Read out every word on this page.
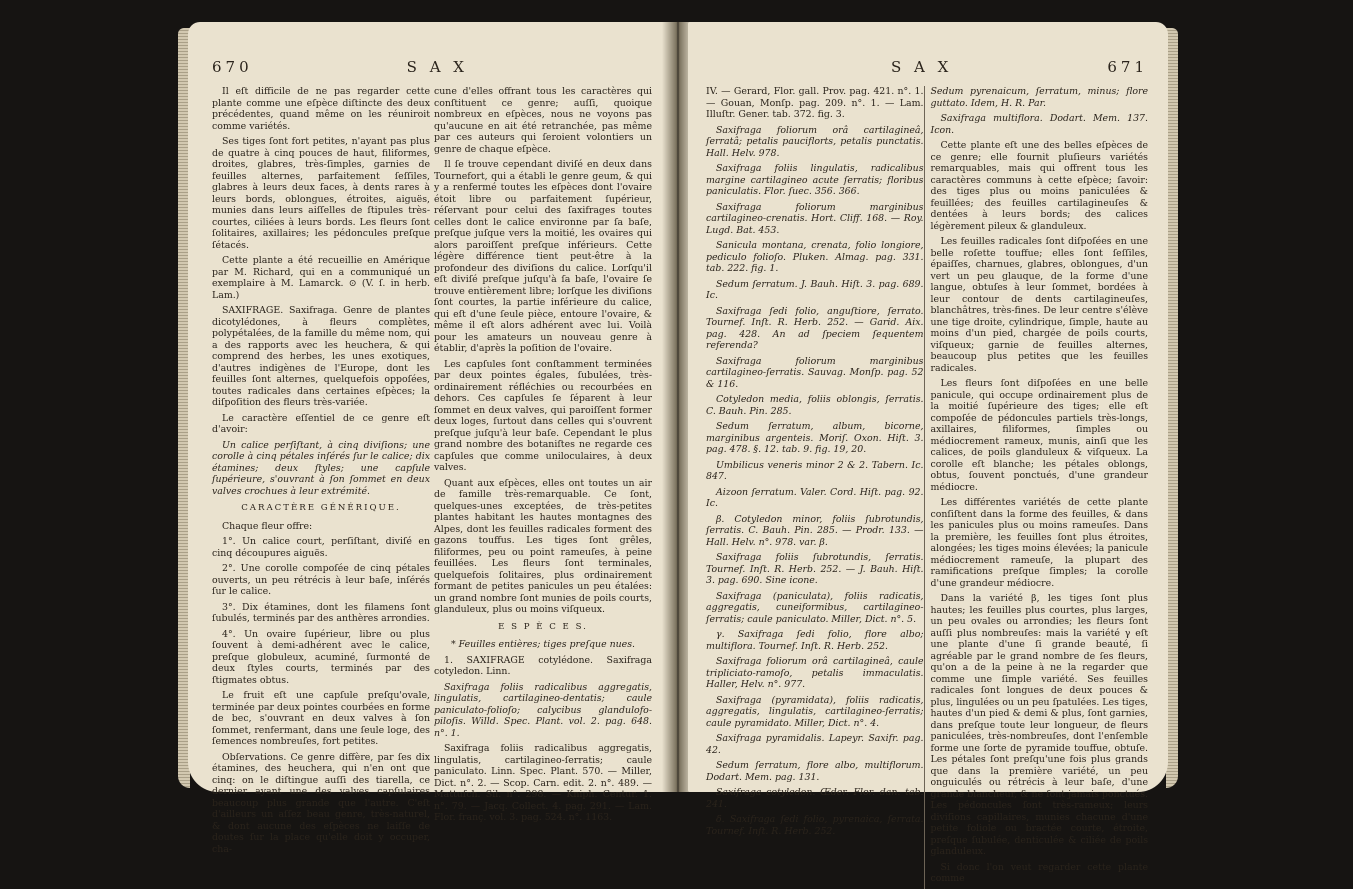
670	S A X

Il eſt difficile de ne pas regarder cette plante comme une eſpèce diſtincte des deux précédentes, quand même on les réuniroit comme variétés.

Ses tiges ſont fort petites, n'ayant pas plus de quatre à cinq pouces de haut, filiformes, droites, glabres, très-ſimples, garnies de feuilles alternes, parfaitement ſeſſiles, glabres à leurs deux faces, à dents rares à leurs bords, oblongues, étroites, aiguës, munies dans leurs aiſſelles de ſtipules très-courtes, ciliées à leurs bords. Les fleurs ſont ſolitaires, axillaires; les pédoncules preſque ſétacés.

Cette plante a été recueillie en Amérique par M. Richard, qui en a communiqué un exemplaire à M. Lamarck. ⊙ (V. ſ. in herb. Lam.)

SAXIFRAGE. Saxifraga. Genre de plantes dicotylédones, à fleurs complètes, polypétalées, de la famille du même nom, qui a des rapports avec les heuchera, & qui comprend des herbes, les unes exotiques, d'autres indigènes de l'Europe, dont les feuilles ſont alternes, quelquefois oppoſées, toutes radicales dans certaines eſpèces; la diſpoſition des fleurs très-variée.

Le caractère eſſentiel de ce genre eſt d'avoir:

Un calice perſiſtant, à cinq diviſions; une corolle à cinq pétales inſérés ſur le calice; dix étamines; deux ſtyles; une capſule ſupérieure, s'ouvrant à ſon ſommet en deux valves crochues à leur extrémité.

CARACTÈRE GÉNÉRIQUE.

Chaque fleur offre:

1°. Un calice court, perſiſtant, diviſé en cinq découpures aiguës.

2°. Une corolle compoſée de cinq pétales ouverts, un peu rétrécis à leur baſe, inſérés ſur le calice.

3°. Dix étamines, dont les filamens ſont ſubulés, terminés par des anthères arrondies.

4°. Un ovaire ſupérieur, libre ou plus ſouvent à demi-adhérent avec le calice, preſque globuleux, acuminé, ſurmonté de deux ſtyles courts, terminés par des ſtigmates obtus.

Le fruit eſt une capſule preſqu'ovale, terminée par deux pointes courbées en forme de bec, s'ouvrant en deux valves à ſon ſommet, renfermant, dans une ſeule loge, des ſemences nombreuſes, fort petites.

Obſervations. Ce genre diffère, par ſes dix étamines, des heuchera, qui n'en ont que cinq: on le diſtingue auſſi des tiarella, ce dernier ayant une des valves capſulaires beaucoup plus grande que l'autre. C'eſt d'ailleurs un aſſez beau genre, très-naturel, & dont aucune des eſpèces ne laiſſe de doutes ſur la place qu'elle doit y occuper, cha-

cune d'elles offrant tous les caractères qui conſtituent ce genre; auſſi, quoique nombreux en eſpèces, nous ne voyons pas qu'aucune en ait été retranchée, pas même par ces auteurs qui ſeroient volontiers un genre de chaque eſpèce.

Il ſe trouve cependant diviſé en deux dans Tournefort, qui a établi le genre geum, & qui y a renfermé toutes les eſpèces dont l'ovaire étoit libre ou parfaitement ſupérieur, réſervant pour celui des ſaxifrages toutes celles dont le calice environne par ſa baſe, preſque juſque vers la moitié, les ovaires qui alors paroiſſent preſque inférieurs. Cette légère différence tient peut-être à la profondeur des diviſions du calice. Lorſqu'il eſt diviſé preſque juſqu'à ſa baſe, l'ovaire ſe trouve entièrement libre; lorſque les diviſions ſont courtes, la partie inférieure du calice, qui eſt d'une ſeule pièce, entoure l'ovaire, & même il eſt alors adhérent avec lui. Voilà pour les amateurs un nouveau genre à établir, d'après la poſition de l'ovaire.

Les capſules ſont conſtamment terminées par deux pointes égales, ſubulées, très-ordinairement réfléchies ou recourbées en dehors. Ces capſules ſe ſéparent à leur ſommet en deux valves, qui paroiſſent former deux loges, ſurtout dans celles qui s'ouvrent preſque juſqu'à leur baſe. Cependant le plus grand nombre des botaniſtes ne regarde ces capſules que comme uniloculaires, à deux valves.

Quant aux eſpèces, elles ont toutes un air de famille très-remarquable. Ce ſont, quelques-unes exceptées, de très-petites plantes habitant les hautes montagnes des Alpes, dont les feuilles radicales forment des gazons touffus. Les tiges ſont grêles, filiformes, peu ou point rameuſes, à peine feuillées. Les fleurs ſont terminales, quelquefois ſolitaires, plus ordinairement formant de petites panicules un peu étalées: un grand nombre ſont munies de poils courts, glanduleux, plus ou moins viſqueux.

E S P È C E S.

* Feuilles entières; tiges preſque nues.

1. SAXIFRAGE cotylédone. Saxifraga cotyledon. Linn.

Saxifraga foliis radicalibus aggregatis, lingulatis, cartilagineo-dentatis; caule paniculato-folioſo; calycibus glandulofo-piloſis. Willd. Spec. Plant. vol. 2. pag. 648. n°. 1.

Saxifraga foliis radicalibus aggregatis, lingulatis, cartilagineo-ſerratis; caule paniculato. Linn. Spec. Plant. 570. — Miller, Dict. n°. 2. — Scop. Carn. edit. 2. n°. 489. — Mattuſch. Sil. n°. 298. — Kniph. Centur. 1. n°. 79. — Jacq. Collect. 4. pag. 291. — Lam. Flor. franç. vol. 3. pag. 524. n°. 1163.

S A X	671

IV. — Gerard, Flor. gall. Prov. pag. 421. n°. 1. — Gouan, Monſp. pag. 209. n°. 1. — Lam. Illuſtr. Gener. tab. 372. fig. 3.

Saxifraga foliorum orâ cartilagineâ, ſerratâ; petalis pauciflorts, petalis punctatis. Hall. Helv. 978.

Saxifraga foliis lingulatis, radicalibus margine cartilagineo acute ſerratis; floribus paniculatis. Flor. ſuec. 356. 366.

Saxifraga foliorum marginibus cartilagineo-crenatis. Hort. Cliff. 168. — Roy. Lugd. Bat. 453.

Sanicula montana, crenata, folio longiore, pediculo folioſo. Pluken. Almag. pag. 331. tab. 222. fig. 1.

Sedum ſerratum. J. Bauh. Hiſt. 3. pag. 689. Ic.

Saxifraga ſedi folio, anguſtiore, ſerrato. Tournef. Inſt. R. Herb. 252. — Garid. Aix. pag. 428. An ad ſpeciem ſequentem referenda?

Saxifraga foliorum marginibus cartilagineo-ſerratis. Sauvag. Monſp. pag. 52 & 116.

Cotyledon media, foliis oblongis, ſerratis. C. Bauh. Pin. 285.

Sedum ſerratum, album, bicorne, marginibus argenteis. Moriſ. Oxon. Hiſt. 3. pag. 478. §. 12. tab. 9. fig. 19, 20.

Umbilicus veneris minor 2 & 2. Tabern. Ic. 847.

Aizoon ſerratum. Valer. Cord. Hiſt. pag. 92. Ic.

β. Cotyledon minor, foliis ſubrotundis, ſerratis. C. Bauh. Pin. 285. — Prodr. 133. — Hall. Helv. n°. 978. var. β.

Saxifraga foliis ſubrotundis, ſerratis. Tournef. Inſt. R. Herb. 252. — J. Bauh. Hiſt. 3. pag. 690. Sine icone.

Saxifraga (paniculata), foliis radicatis, aggregatis, cuneiformibus, cartilagineo-ſerratis; caule paniculato. Miller, Dict. n°. 5.

γ. Saxifraga ſedi folio, flore albo; multiflora. Tournef. Inſt. R. Herb. 252.

Saxifraga foliorum orâ cartilagineâ, caule tripliciato-ramoſo, petalis immaculatis. Haller, Helv. n°. 977.

Saxifraga (pyramidata), foliis radicatis, aggregatis, lingulatis, cartilagineo-ſerratis; caule pyramidato. Miller, Dict. n°. 4.

Saxifraga pyramidalis. Lapeyr. Saxifr. pag. 42.

Sedum ſerratum, flore albo, multiflorum. Dodart. Mem. pag. 131.

Saxifraga cotyledon. Œder. Flor. dan. tab. 241.

δ. Saxifraga ſedi folio, pyrenaica, ſerrata. Tournef. Inſt. R. Herb. 252.

Sedum pyrenaicum, ſerratum, minus; flore guttato. Idem, H. R. Par.

Saxifraga multiflora. Dodart. Mem. 137. Icon.

Cette plante eſt une des belles eſpèces de ce genre; elle fournit pluſieurs variétés remarquables, mais qui offrent tous les caractères communs à cette eſpèce; ſavoir: des tiges plus ou moins paniculées & feuillées; des feuilles cartilagineuſes & dentées à leurs bords; des calices légèrement pileux & glanduleux.

Les feuilles radicales ſont diſpoſées en une belle roſette touffue; elles ſont ſeſſiles, épaiſſes, charnues, glabres, oblongues, d'un vert un peu glauque, de la forme d'une langue, obtuſes à leur ſommet, bordées à leur contour de dents cartilagineuſes, blanchâtres, très-fines. De leur centre s'élève une tige droite, cylindrique, ſimple, haute au moins d'un pied, chargée de poils courts, viſqueux; garnie de feuilles alternes, beaucoup plus petites que les feuilles radicales.

Les fleurs ſont diſpoſées en une belle panicule, qui occupe ordinairement plus de la moitié ſupérieure des tiges; elle eſt compoſée de pédoncules partiels très-longs, axillaires, filiformes, ſimples ou médiocrement rameux, munis, ainſi que les calices, de poils glanduleux & viſqueux. La corolle eſt blanche; les pétales oblongs, obtus, ſouvent ponctués, d'une grandeur médiocre.

Les différentes variétés de cette plante conſiſtent dans la forme des feuilles, & dans les panicules plus ou moins rameuſes. Dans la première, les feuilles ſont plus étroites, alongées; les tiges moins élevées; la panicule médiocrement rameuſe, la plupart des ramifications preſque ſimples; la corolle d'une grandeur médiocre.

Dans la variété β, les tiges ſont plus hautes; les feuilles plus courtes, plus larges, un peu ovales ou arrondies; les fleurs ſont auſſi plus nombreuſes: mais la variété γ eſt une plante d'une ſi grande beauté, ſi agréable par le grand nombre de ſes fleurs, qu'on a de la peine à ne la regarder que comme une ſimple variété. Ses feuilles radicales ſont longues de deux pouces & plus, lingulées ou un peu ſpatulées. Les tiges, hautes d'un pied & demi & plus, ſont garnies, dans preſque toute leur longueur, de fleurs paniculées, très-nombreuſes, dont l'enſemble forme une ſorte de pyramide touffue, obtuſe. Les pétales ſont preſqu'une fois plus grands que dans la première variété, un peu onguiculés ou rétrécis à leur baſe, d'une grande blancheur, & ne ſont jamais ponctués. Les pédoncules ſont très-rameux; leurs diviſions capillaires, munies chacune d'une petite foliole ou bractée courte, étroite, preſque ſubulée, denticulée & ciliée de poils glanduleux.

Si donc l'on veut regarder cette plante comme
